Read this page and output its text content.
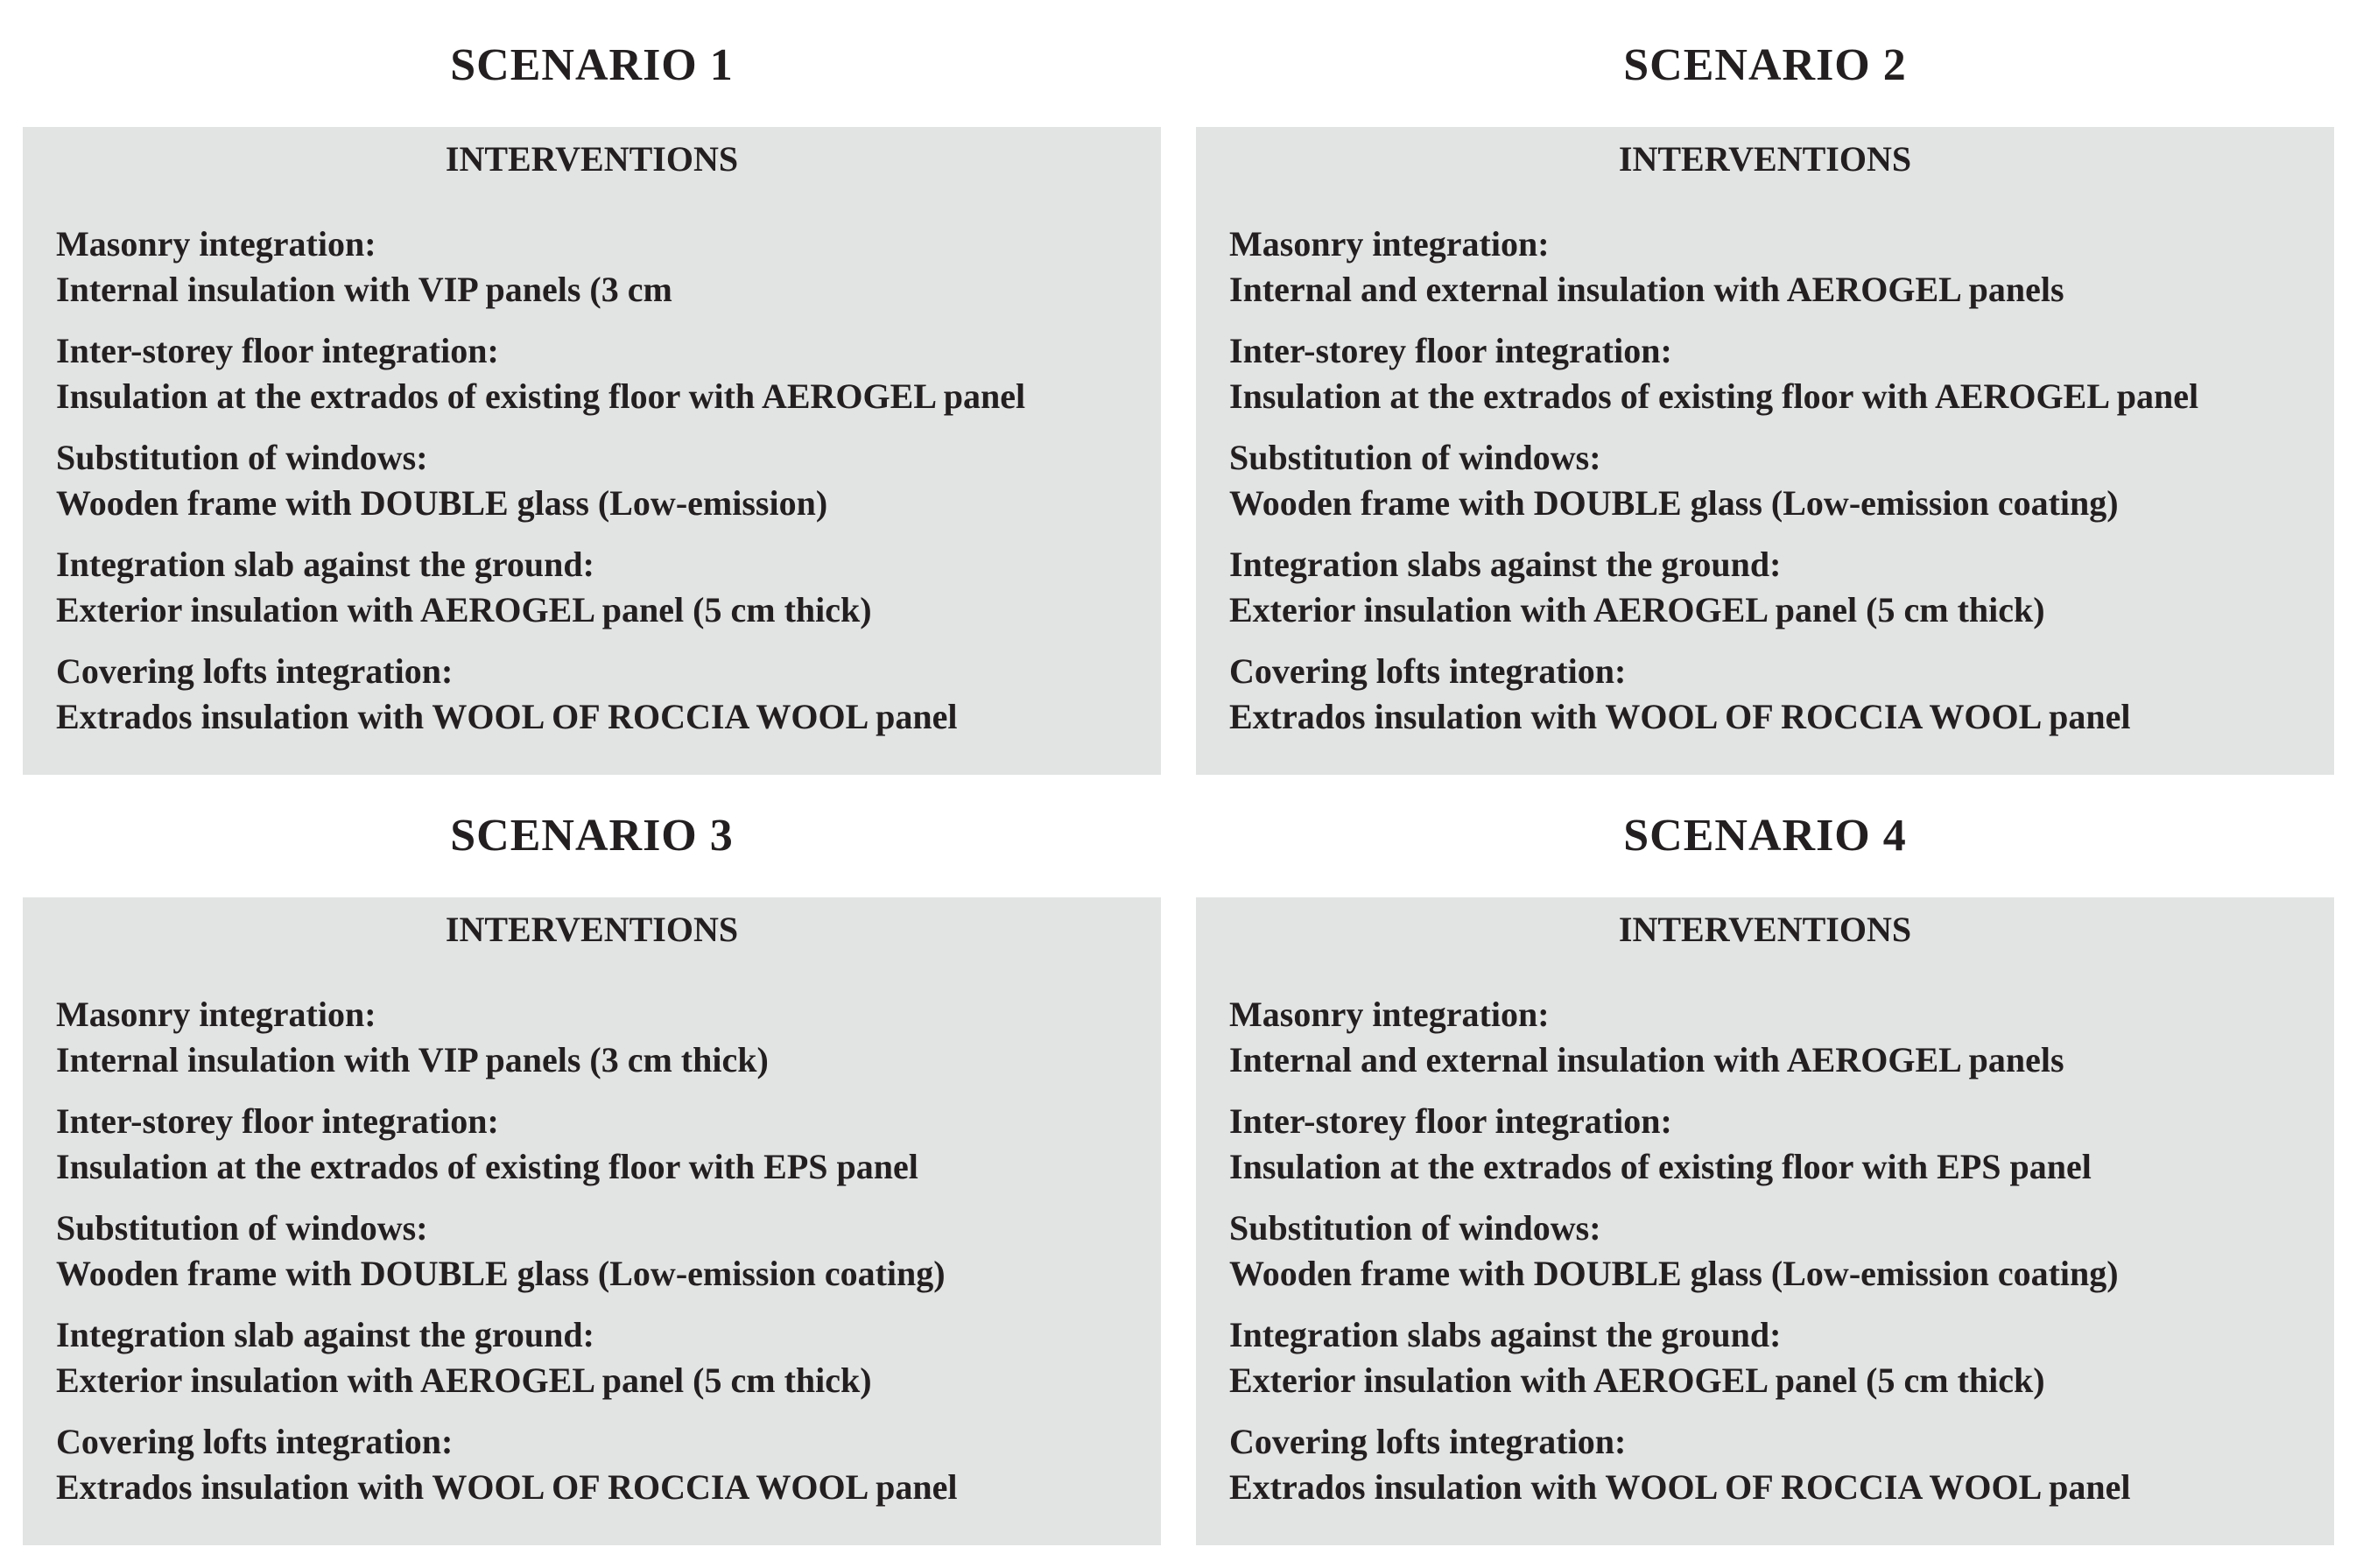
SCENARIO 1
INTERVENTIONS
Masonry integration:
Internal insulation with VIP panels (3 cm
Inter-storey floor integration:
Insulation at the extrados of existing floor with AEROGEL panel
Substitution of windows:
Wooden frame with DOUBLE glass (Low-emission)
Integration slab against the ground:
Exterior insulation with AEROGEL panel (5 cm thick)
Covering lofts integration:
Extrados insulation with WOOL OF ROCCIA WOOL panel
SCENARIO 2
INTERVENTIONS
Masonry integration:
Internal and external insulation with AEROGEL panels
Inter-storey floor integration:
Insulation at the extrados of existing floor with AEROGEL panel
Substitution of windows:
Wooden frame with DOUBLE glass (Low-emission coating)
Integration slabs against the ground:
Exterior insulation with AEROGEL panel (5 cm thick)
Covering lofts integration:
Extrados insulation with WOOL OF ROCCIA WOOL panel
SCENARIO 3
INTERVENTIONS
Masonry integration:
Internal insulation with VIP panels (3 cm thick)
Inter-storey floor integration:
Insulation at the extrados of existing floor with EPS panel
Substitution of windows:
Wooden frame with DOUBLE glass (Low-emission coating)
Integration slab against the ground:
Exterior insulation with AEROGEL panel (5 cm thick)
Covering lofts integration:
Extrados insulation with WOOL OF ROCCIA WOOL panel
SCENARIO 4
INTERVENTIONS
Masonry integration:
Internal and external insulation with AEROGEL panels
Inter-storey floor integration:
Insulation at the extrados of existing floor with EPS panel
Substitution of windows:
Wooden frame with DOUBLE glass (Low-emission coating)
Integration slabs against the ground:
Exterior insulation with AEROGEL panel (5 cm thick)
Covering lofts integration:
Extrados insulation with WOOL OF ROCCIA WOOL panel
